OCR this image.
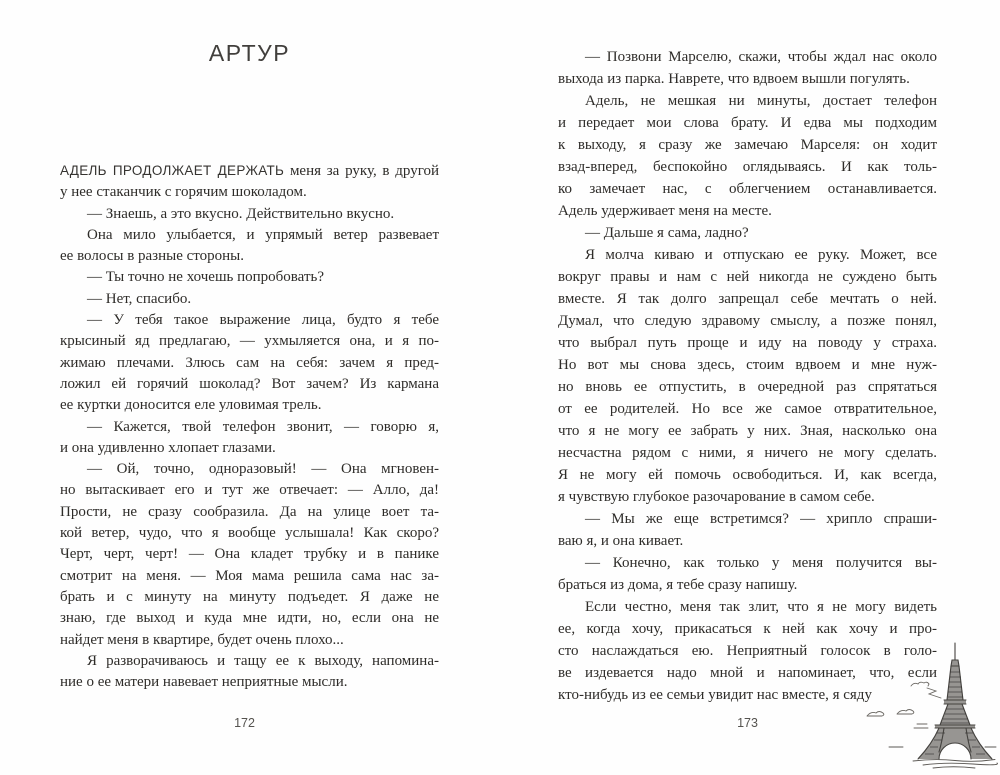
АРТУР
АДЕЛЬ ПРОДОЛЖАЕТ ДЕРЖАТЬ меня за руку, в другой
у нее стаканчик с горячим шоколадом.
— Знаешь, а это вкусно. Действительно вкусно.
Она мило улыбается, и упрямый ветер развевает
ее волосы в разные стороны.
— Ты точно не хочешь попробовать?
— Нет, спасибо.
— У тебя такое выражение лица, будто я тебе
крысиный яд предлагаю, — ухмыляется она, и я по-
жимаю плечами. Злюсь сам на себя: зачем я пред-
ложил ей горячий шоколад? Вот зачем? Из кармана
ее куртки доносится еле уловимая трель.
— Кажется, твой телефон звонит, — говорю я,
и она удивленно хлопает глазами.
— Ой, точно, одноразовый! — Она мгновен-
но вытаскивает его и тут же отвечает: — Алло, да!
Прости, не сразу сообразила. Да на улице воет та-
кой ветер, чудо, что я вообще услышала! Как скоро?
Черт, черт, черт! — Она кладет трубку и в панике
смотрит на меня. — Моя мама решила сама нас за-
брать и с минуту на минуту подъедет. Я даже не
знаю, где выход и куда мне идти, но, если она не
найдет меня в квартире, будет очень плохо...
Я разворачиваюсь и тащу ее к выходу, напомина-
ние о ее матери навевает неприятные мысли.
— Позвони Марселю, скажи, чтобы ждал нас около
выхода из парка. Наврете, что вдвоем вышли погулять.
Адель, не мешкая ни минуты, достает телефон
и передает мои слова брату. И едва мы подходим
к выходу, я сразу же замечаю Марселя: он ходит
взад-вперед, беспокойно оглядываясь. И как толь-
ко замечает нас, с облегчением останавливается.
Адель удерживает меня на месте.
— Дальше я сама, ладно?
Я молча киваю и отпускаю ее руку. Может, все
вокруг правы и нам с ней никогда не суждено быть
вместе. Я так долго запрещал себе мечтать о ней.
Думал, что следую здравому смыслу, а позже понял,
что выбрал путь проще и иду на поводу у страха.
Но вот мы снова здесь, стоим вдвоем и мне нуж-
но вновь ее отпустить, в очередной раз спрятаться
от ее родителей. Но все же самое отвратительное,
что я не могу ее забрать у них. Зная, насколько она
несчастна рядом с ними, я ничего не могу сделать.
Я не могу ей помочь освободиться. И, как всегда,
я чувствую глубокое разочарование в самом себе.
— Мы же еще встретимся? — хрипло спраши-
ваю я, и она кивает.
— Конечно, как только у меня получится вы-
браться из дома, я тебе сразу напишу.
Если честно, меня так злит, что я не могу видеть
ее, когда хочу, прикасаться к ней как хочу и про-
сто наслаждаться ею. Неприятный голосок в голо-
ве издевается надо мной и напоминает, что, если
кто-нибудь из ее семьи увидит нас вместе, я сяду
172	173
